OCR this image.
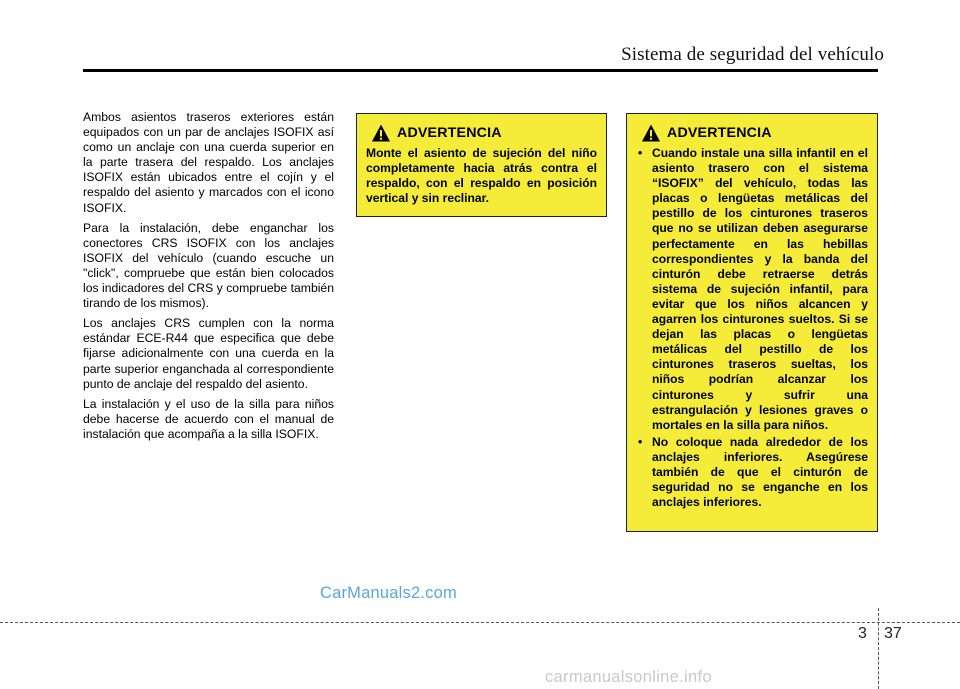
Sistema de seguridad del vehículo

Ambos asientos traseros exteriores están equipados con un par de anclajes ISOFIX así como un anclaje con una cuerda superior en la parte trasera del respaldo. Los anclajes ISOFIX están ubicados entre el cojín y el respaldo del asiento y marcados con el icono ISOFIX.

Para la instalación, debe enganchar los conectores CRS ISOFIX con los anclajes ISOFIX del vehículo (cuando escuche un "click", compruebe que están bien colocados los indicadores del CRS y compruebe también tirando de los mismos).

Los anclajes CRS cumplen con la norma estándar ECE-R44 que especifica que debe fijarse adicionalmente con una cuerda en la parte superior enganchada al correspondiente punto de anclaje del respaldo del asiento.

La instalación y el uso de la silla para niños debe hacerse de acuerdo con el manual de instalación que acompaña a la silla ISOFIX.

ADVERTENCIA
Monte el asiento de sujeción del niño completamente hacia atrás contra el respaldo, con el respaldo en posición vertical y sin reclinar.
ADVERTENCIA
• Cuando instale una silla infantil en el asiento trasero con el sistema “ISOFIX” del vehículo, todas las placas o lengüetas metálicas del pestillo de los cinturones traseros que no se utilizan deben asegurarse perfectamente en las hebillas correspondientes y la banda del cinturón debe retraerse detrás sistema de sujeción infantil, para evitar que los niños alcancen y agarren los cinturones sueltos. Si se dejan las placas o lengüetas metálicas del pestillo de los cinturones traseros sueltas, los niños podrían alcanzar los cinturones y sufrir una estrangulación y lesiones graves o mortales en la silla para niños.
• No coloque nada alrededor de los anclajes inferiores. Asegúrese también de que el cinturón de seguridad no se enganche en los anclajes inferiores.
CarManuals2.com
3 37
carmanualsonline.info
